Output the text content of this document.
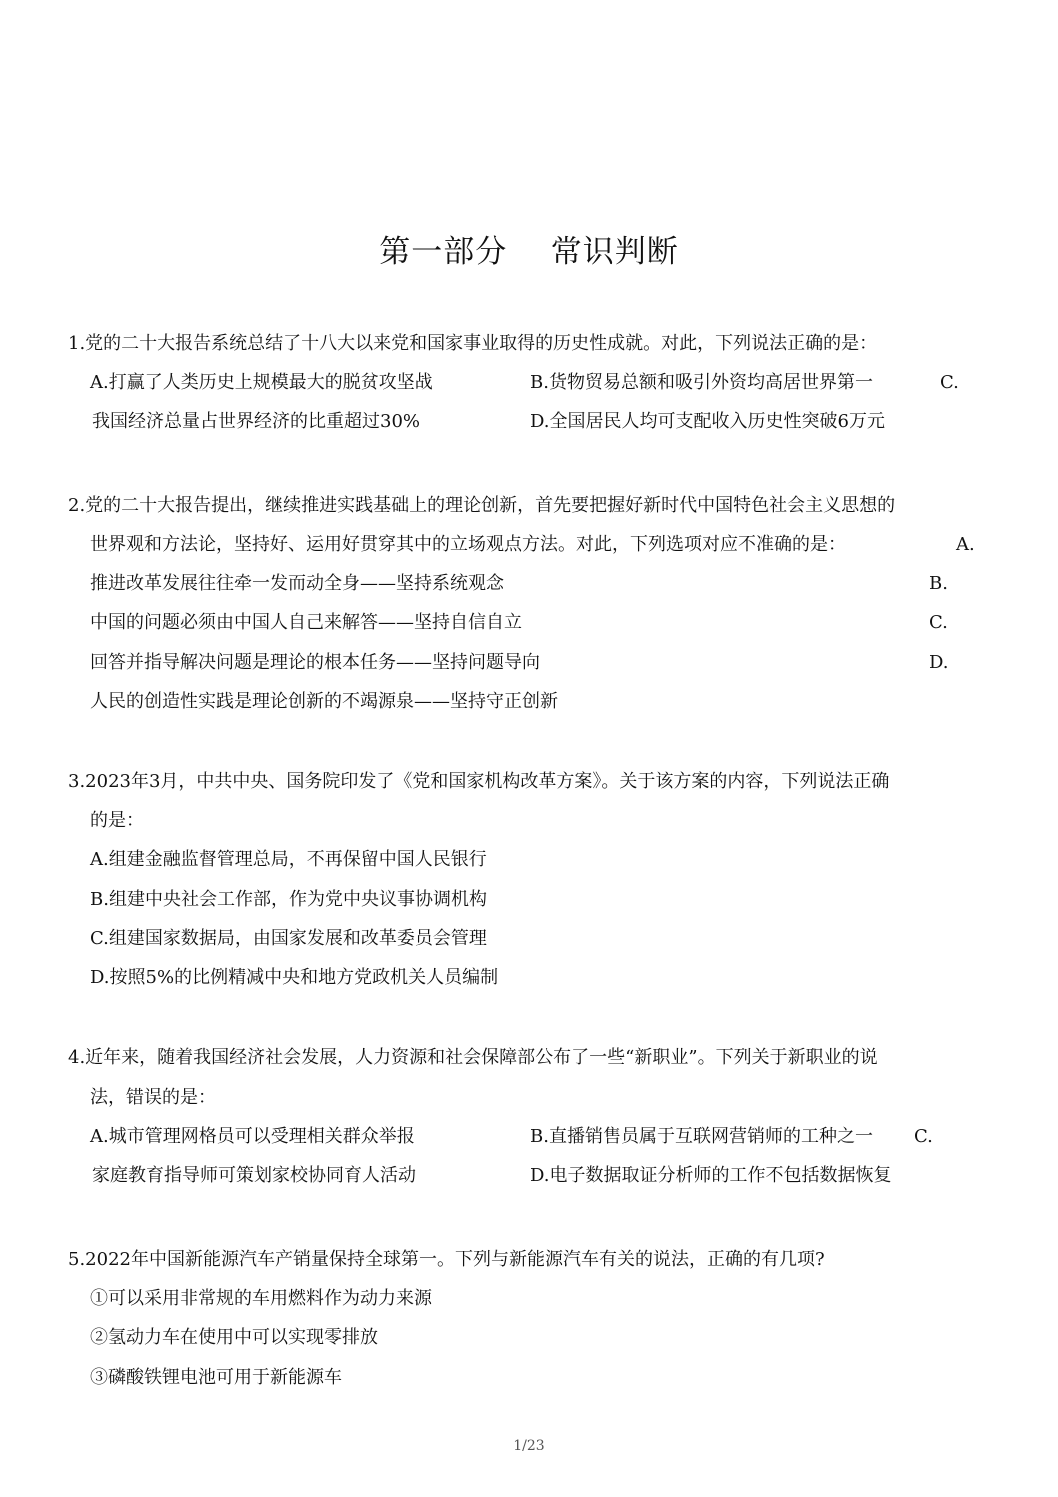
第一部分    常识判断
1.党的二十大报告系统总结了十八大以来党和国家事业取得的历史性成就。对此，下列说法正确的是：
A.打赢了人类历史上规模最大的脱贫攻坚战	B.货物贸易总额和吸引外资均高居世界第一	C.
我国经济总量占世界经济的比重超过30%	D.全国居民人均可支配收入历史性突破6万元
2.党的二十大报告提出，继续推进实践基础上的理论创新，首先要把握好新时代中国特色社会主义思想的
世界观和方法论，坚持好、运用好贯穿其中的立场观点方法。对此，下列选项对应不准确的是：	A.
推进改革发展往往牵一发而动全身——坚持系统观念	B.
中国的问题必须由中国人自己来解答——坚持自信自立	C.
回答并指导解决问题是理论的根本任务——坚持问题导向	D.
人民的创造性实践是理论创新的不竭源泉——坚持守正创新
3.2023年3月，中共中央、国务院印发了《党和国家机构改革方案》。关于该方案的内容，下列说法正确
的是：
A.组建金融监督管理总局，不再保留中国人民银行
B.组建中央社会工作部，作为党中央议事协调机构
C.组建国家数据局，由国家发展和改革委员会管理
D.按照5%的比例精减中央和地方党政机关人员编制
4.近年来，随着我国经济社会发展，人力资源和社会保障部公布了一些“新职业”。下列关于新职业的说
法，错误的是：
A.城市管理网格员可以受理相关群众举报	B.直播销售员属于互联网营销师的工种之一 C.
家庭教育指导师可策划家校协同育人活动	D.电子数据取证分析师的工作不包括数据恢复
5.2022年中国新能源汽车产销量保持全球第一。下列与新能源汽车有关的说法，正确的有几项?
①可以采用非常规的车用燃料作为动力来源
②氢动力车在使用中可以实现零排放
③磷酸铁锂电池可用于新能源车
1/23
